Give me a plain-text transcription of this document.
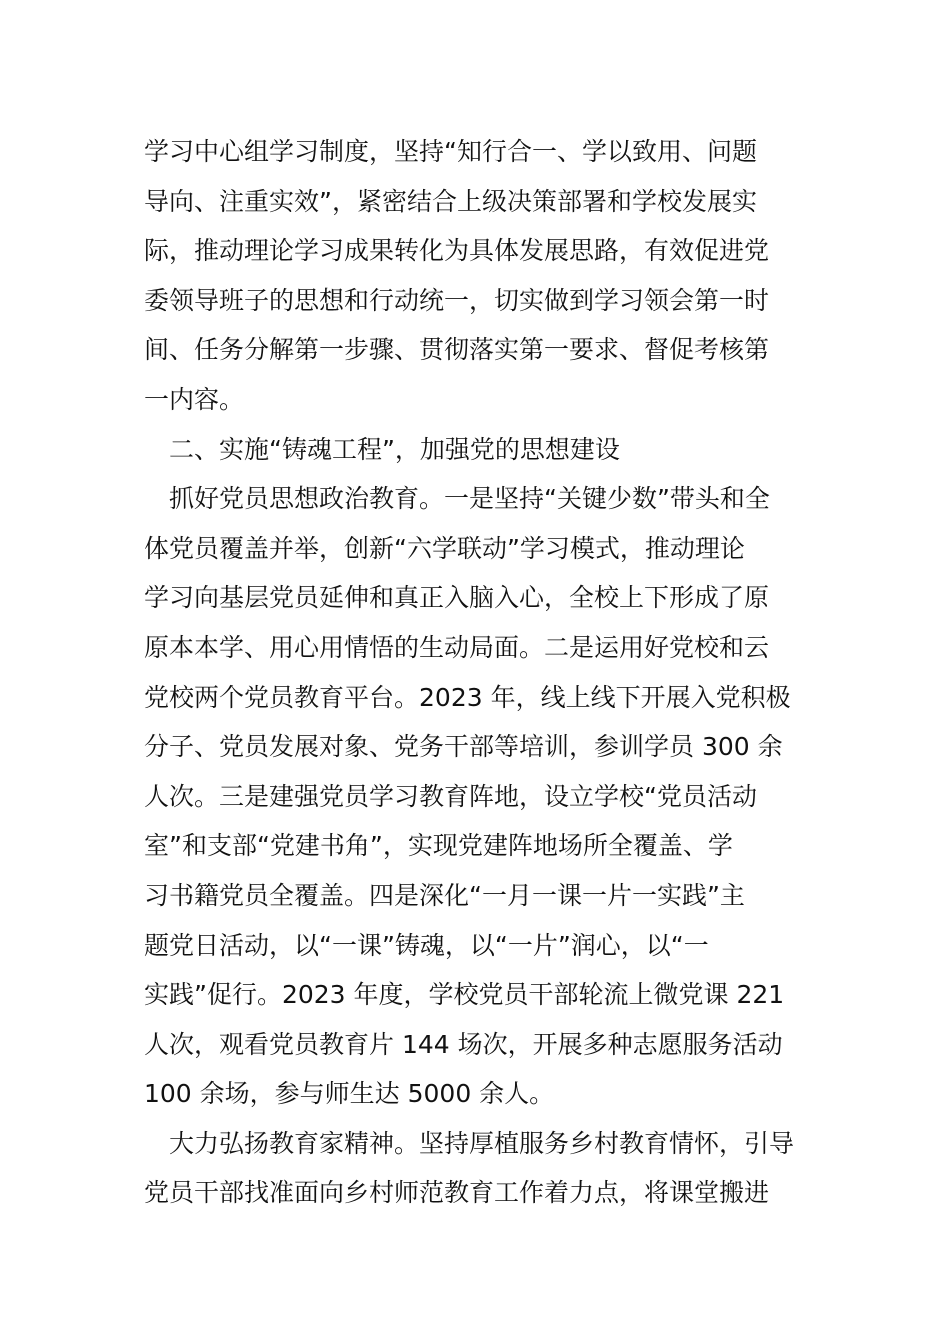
学习中心组学习制度，坚持“知行合一、学以致用、问题
导向、注重实效”，紧密结合上级决策部署和学校发展实
际，推动理论学习成果转化为具体发展思路，有效促进党
委领导班子的思想和行动统一，切实做到学习领会第一时
间、任务分解第一步骤、贯彻落实第一要求、督促考核第
一内容。
　二、实施“铸魂工程”，加强党的思想建设
　抓好党员思想政治教育。一是坚持“关键少数”带头和全
体党员覆盖并举，创新“六学联动”学习模式，推动理论
学习向基层党员延伸和真正入脑入心，全校上下形成了原
原本本学、用心用情悟的生动局面。二是运用好党校和云
党校两个党员教育平台。2023 年，线上线下开展入党积极
分子、党员发展对象、党务干部等培训，参训学员 300 余
人次。三是建强党员学习教育阵地，设立学校“党员活动
室”和支部“党建书角”，实现党建阵地场所全覆盖、学
习书籍党员全覆盖。四是深化“一月一课一片一实践”主
题党日活动，以“一课”铸魂，以“一片”润心，以“一
实践”促行。2023 年度，学校党员干部轮流上微党课 221
人次，观看党员教育片 144 场次，开展多种志愿服务活动
100 余场，参与师生达 5000 余人。
　大力弘扬教育家精神。坚持厚植服务乡村教育情怀，引导
党员干部找准面向乡村师范教育工作着力点，将课堂搬进
